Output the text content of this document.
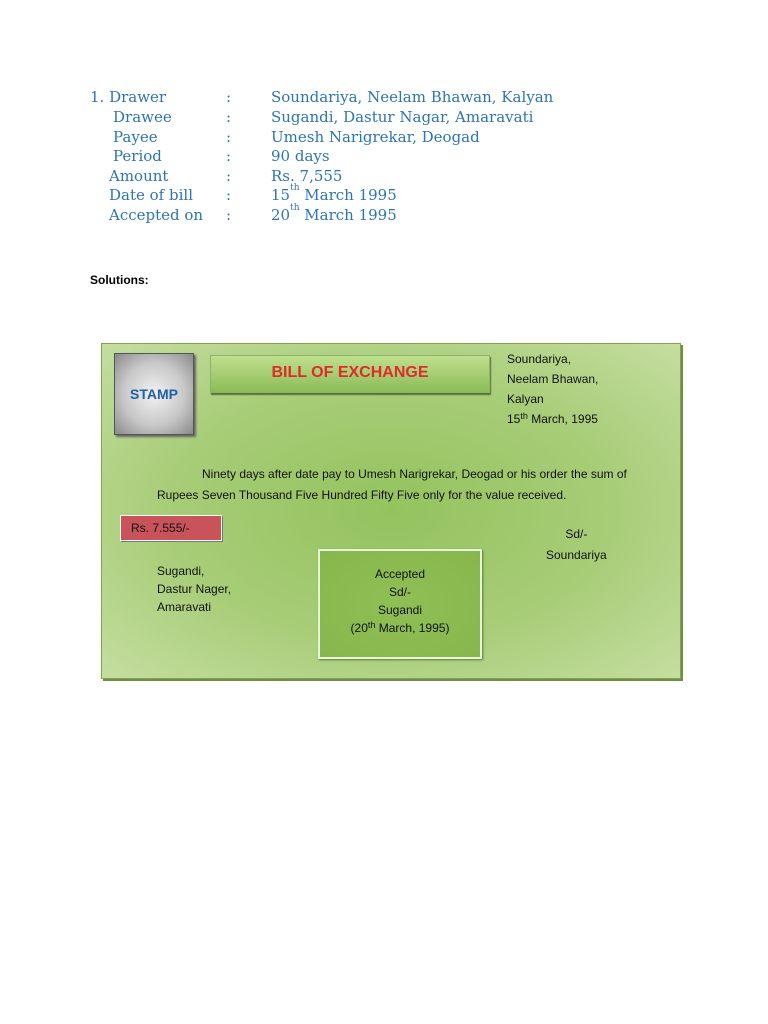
1. Drawer	:	Soundariya, Neelam Bhawan, Kalyan
Drawee	:	Sugandi, Dastur Nagar, Amaravati
Payee	:	Umesh Narigrekar, Deogad
Period	:	90 days
Amount	:	Rs. 7,555
Date of bill :	15th March 1995
Accepted on :	20th March 1995
Solutions:
STAMP
BILL OF EXCHANGE
Soundariya,
Neelam Bhawan,
Kalyan
15th March, 1995
Ninety days after date pay to Umesh Narigrekar, Deogad or his order the sum of
Rupees Seven Thousand Five Hundred Fifty Five only for the value received.
Rs. 7.555/-	Sd/-
Soundariya
Sugandi,
Dastur Nager,
Amaravati
Accepted
Sd/-
Sugandi
(20th March, 1995)
